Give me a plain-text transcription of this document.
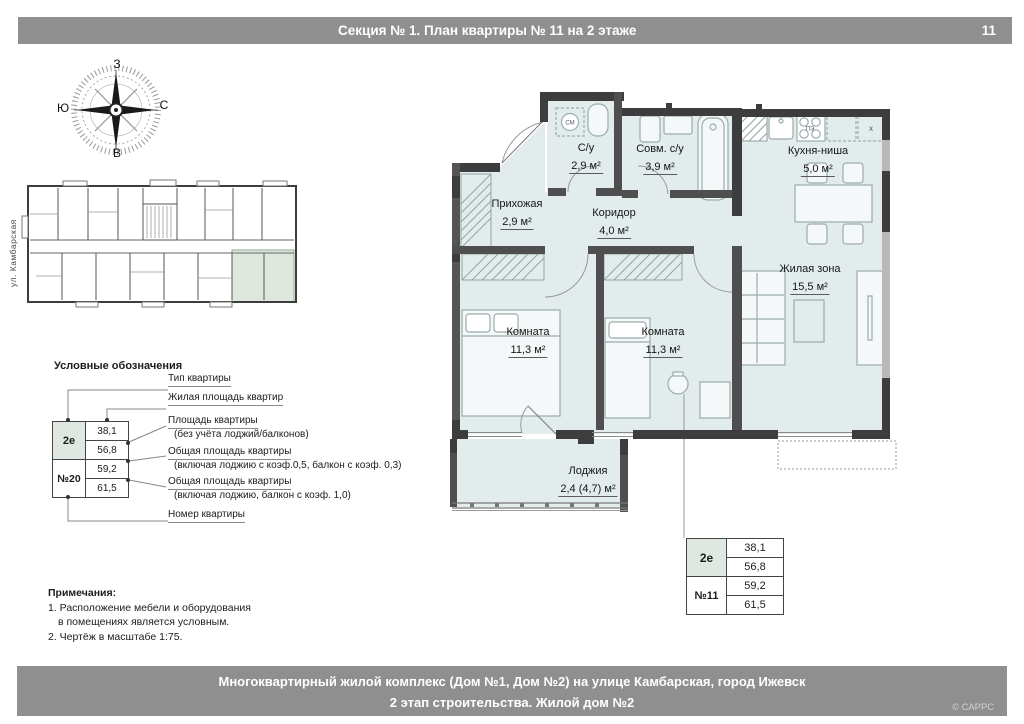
Секция № 1. План квартиры № 11 на 2 этаже	11
З
С
Ю
В
ул. Камбарская
Условные обозначения
2е	38,1
	56,8
№20	59,2
	61,5
Тип квартиры
Жилая площадь квартир
Площадь квартиры
(без учёта лоджий/балконов)
Общая площадь квартиры
(включая лоджию с коэф.0,5, балкон с коэф. 0,3)
Общая площадь квартиры
(включая лоджию, балкон с коэф. 1,0)
Номер квартиры
Примечания:
1. Расположение мебели и оборудования
в помещениях является условным.
2. Чертёж в масштабе 1:75.
СМ
ПЭ	х
С/у
2,9 м²
Совм. с/у
3,9 м²
Кухня-ниша
5,0 м²
Прихожая
2,9 м²
Коридор
4,0 м²
Жилая зона
15,5 м²
Комната
11,3 м²
Комната
11,3 м²
Лоджия
2,4 (4,7) м²
2е	38,1
	56,8
№11	59,2
	61,5
Многоквартирный жилой комплекс (Дом №1, Дом №2) на улице Камбарская, город Ижевск
2 этап строительства. Жилой дом №2	© САРРС
